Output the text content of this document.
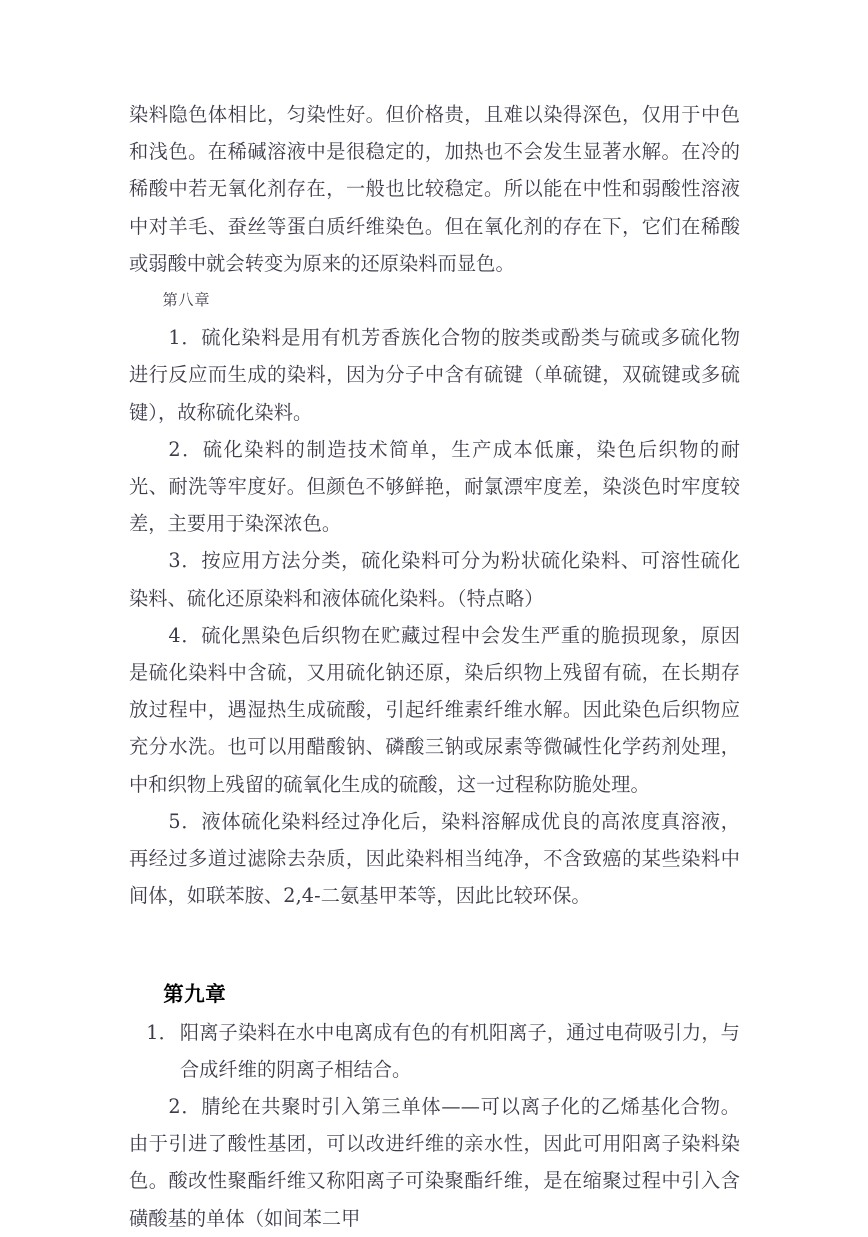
染料隐色体相比，匀染性好。但价格贵，且难以染得深色，仅用于中色和浅色。在稀碱溶液中是很稳定的，加热也不会发生显著水解。在冷的稀酸中若无氧化剂存在，一般也比较稳定。所以能在中性和弱酸性溶液中对羊毛、蚕丝等蛋白质纤维染色。但在氧化剂的存在下，它们在稀酸或弱酸中就会转变为原来的还原染料而显色。

第八章

1．硫化染料是用有机芳香族化合物的胺类或酚类与硫或多硫化物进行反应而生成的染料，因为分子中含有硫键（单硫键，双硫键或多硫键），故称硫化染料。

2．硫化染料的制造技术简单，生产成本低廉，染色后织物的耐光、耐洗等牢度好。但颜色不够鲜艳，耐氯漂牢度差，染淡色时牢度较差，主要用于染深浓色。

3．按应用方法分类，硫化染料可分为粉状硫化染料、可溶性硫化染料、硫化还原染料和液体硫化染料。（特点略）

4．硫化黑染色后织物在贮藏过程中会发生严重的脆损现象，原因是硫化染料中含硫，又用硫化钠还原，染后织物上残留有硫，在长期存放过程中，遇湿热生成硫酸，引起纤维素纤维水解。因此染色后织物应充分水洗。也可以用醋酸钠、磷酸三钠或尿素等微碱性化学药剂处理，中和织物上残留的硫氧化生成的硫酸，这一过程称防脆处理。

5．液体硫化染料经过净化后，染料溶解成优良的高浓度真溶液，再经过多道过滤除去杂质，因此染料相当纯净，不含致癌的某些染料中间体，如联苯胺、2,4-二氨基甲苯等，因此比较环保。

第九章

1． 阳离子染料在水中电离成有色的有机阳离子，通过电荷吸引力，与合成纤维的阴离子相结合。

2．腈纶在共聚时引入第三单体——可以离子化的乙烯基化合物。由于引进了酸性基团，可以改进纤维的亲水性，因此可用阳离子染料染色。酸改性聚酯纤维又称阳离子可染聚酯纤维，是在缩聚过程中引入含磺酸基的单体（如间苯二甲
